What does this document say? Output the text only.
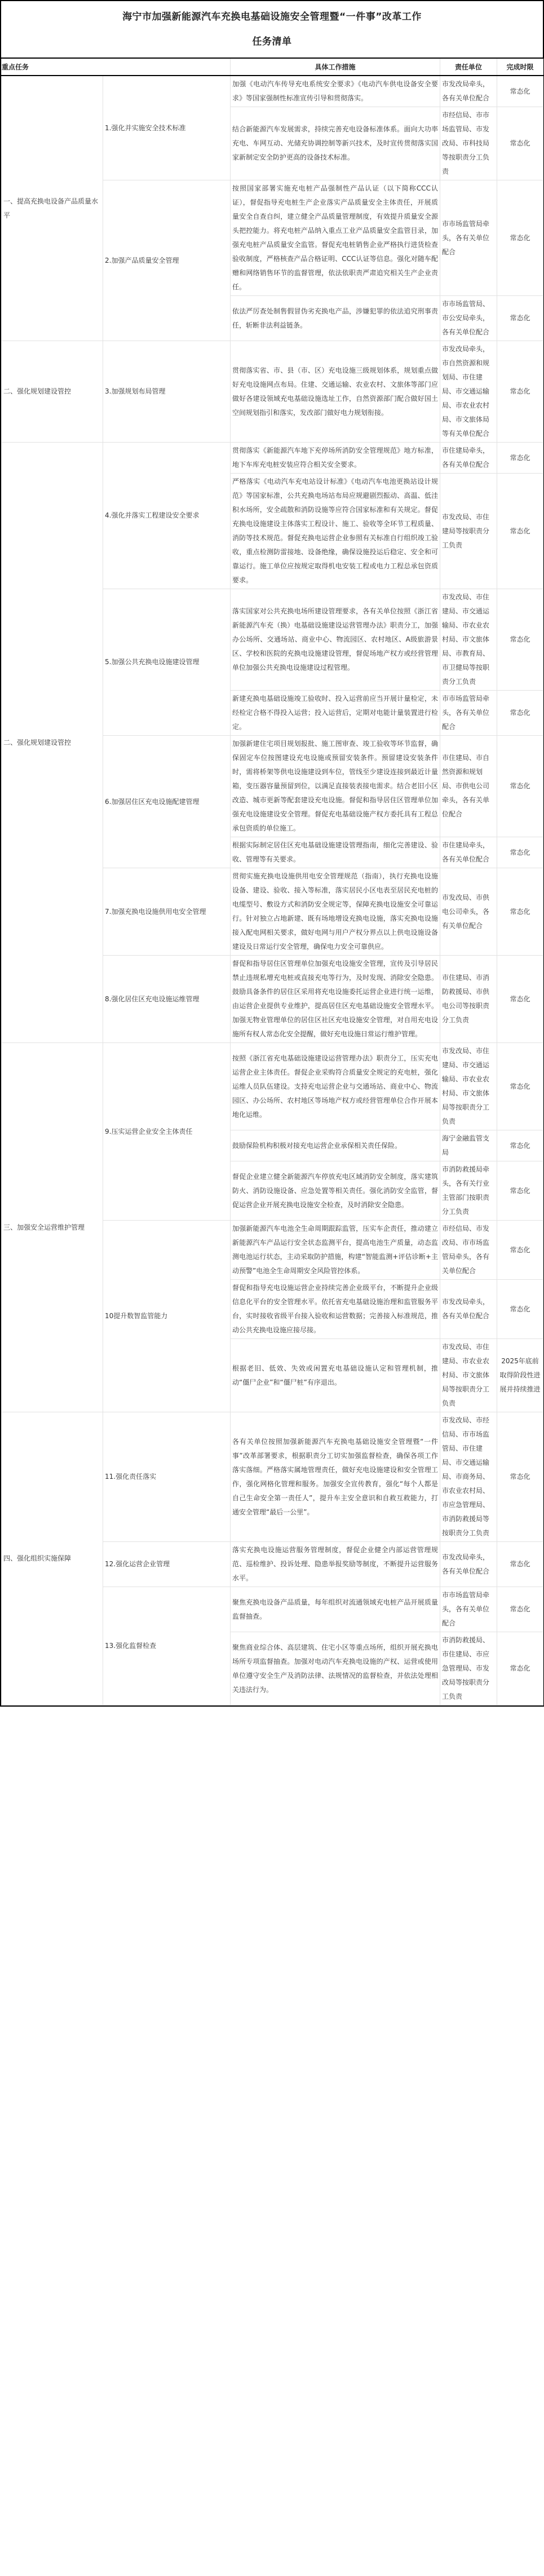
海宁市加强新能源汽车充换电基础设施安全管理暨“一件事”改革工作
任务清单
重点任务		具体工作措施	责任单位	完成时限
一、提高充换电设备产品质量水平	1.强化并实施安全技术标准	加强《电动汽车传导充电系统安全要求》《电动汽车供电设备安全要求》等国家强制性标准宣传引导和贯彻落实。	市发改局牵头，各有关单位配合	常态化
		结合新能源汽车发展需求，持续完善充电设备标准体系。面向大功率充电、车网互动、光储充协调控制等新兴技术，及时宣传贯彻落实国家新制定安全防护更高的设备技术标准。	市经信局、市市场监管局、市发改局、市科技局等按职责分工负责	常态化
	2.加强产品质量安全管理	按照国家部署实施充电桩产品强制性产品认证（以下简称CCC认证），督促指导充电桩生产企业落实产品质量安全主体责任，开展质量安全自查自纠，建立健全产品质量管理制度，有效提升质量安全源头把控能力。将充电桩产品纳入重点工业产品质量安全监管目录，加强充电桩产品质量安全监管。督促充电桩销售企业严格执行进货检查验收制度，严格核查产品合格证明、CCC认证等信息。强化对随车配赠和网络销售环节的监督管理，依法依职责严肃追究相关生产企业责任。	市市场监管局牵头，各有关单位配合	常态化
		依法严厉查处制售假冒伪劣充换电产品，涉嫌犯罪的依法追究刑事责任，斩断非法利益链条。	市市场监管局、市公安局牵头，各有关单位配合	常态化
二、强化规划建设管控	3.加强规划布局管理	贯彻落实省、市、县（市、区）充电设施三级规划体系，规划重点做好充电设施网点布局。住建、交通运输、农业农村、文旅体等部门应做好各建设领域充电基础设施选址工作，自然资源部门配合做好国土空间规划指引和落实，发改部门做好电力规划衔接。	市发改局牵头，市自然资源和规划局、市住建局、市交通运输局、市农业农村局、市文旅体局等有关单位配合	常态化
二、强化规划建设管控	4.强化并落实工程建设安全要求	贯彻落实《新能源汽车地下充停场所消防安全管理规范》地方标准，地下车库充电桩安装应符合相关安全要求。	市住建局牵头，各有关单位配合	常态化
		严格落实《电动汽车充电站设计标准》《电动汽车电池更换站设计规范》等国家标准，公共充换电场站布局应规避剧烈振动、高温、低洼积水场所，安全疏散和消防设施等应符合国家标准和有关规定。督促充换电设施建设主体落实工程设计、施工、验收等全环节工程质量、消防等技术规范。督促充换电运营企业参照有关标准自行组织竣工验收，重点检测防雷接地、设备绝缘，确保设施投运后稳定、安全和可靠运行。施工单位应按规定取得机电安装工程或电力工程总承包资质要求。	市发改局、市住建局等按职责分工负责	常态化
	5.加强公共充换电设施建设管理	落实国家对公共充换电场所建设管理要求，各有关单位按照《浙江省新能源汽车充（换）电基础设施建设运营管理办法》职责分工，加强办公场所、交通场站、商业中心、物流园区、农村地区、A级旅游景区、学校和医院的充换电设施建设管理，督促场地产权方或经营管理单位加强公共充换电设施建设过程管理。	市发改局、市住建局、市交通运输局、市农业农村局、市文旅体局、市教育局、市卫健局等按职责分工负责	常态化
		新建充换电基础设施竣工验收时、投入运营前应当开展计量检定，未经检定合格不得投入运营；投入运营后，定期对电能计量装置进行检定。	市市场监管局牵头，各有关单位配合	常态化
	6.加强居住区充电设施配建管理	加强新建住宅项目规划报批、施工图审查、竣工验收等环节监督，确保固定车位按图建设充电设施或预留安装条件。预留建设安装条件时，需将桥架等供电设施建设到车位，管线至少建设连接到最近计量箱，变压器容量预留到位，以满足直接装表接电需求。结合老旧小区改造、城市更新等配套建设充电设施。督促和指导居住区管理单位加强充电设施建设安全管理。督促充电基础设施产权方委托具有工程总承包资质的单位施工。	市住建局、市自然资源和规划局、市供电公司牵头，各有关单位配合	常态化
		根据实际制定居住区充电基础设施建设管理指南，细化完善建设、验收、管理等有关要求。	市住建局牵头，各有关单位配合	常态化
	7.加强充换电设施供用电安全管理	贯彻实施充换电设施供用电安全管理规范（指南），执行充换电设施设备、建设、验收、接入等标准，落实居民小区电表至居民充电桩的电缆型号、敷设方式和消防安全规定等，保障充换电设施安全可靠运行。针对独立占地新建、既有场地增设充换电设施，落实充换电设施接入配电网相关要求，做好电网与用户产权分界点以上供电设施设备建设及日常运行安全管理，确保电力安全可靠供应。	市发改局、市供电公司牵头，各有关单位配合	常态化
	8.强化居住区充电设施运维管理	督促和指导居住区管理单位加强充电设施安全管理，宣传及引导居民禁止违规私增充电桩或直接充电等行为，及时发现、消除安全隐患。鼓励具备条件的居住区采用将充电设施委托运营企业进行统一运维，由运营企业提供专业维护，提高居住区充电基础设施安全管理水平。加强无物业管理单位的居住区社区充电设施安全管理，对自用充电设施所有权人常态化安全提醒，做好充电设施日常运行维护管理。	市住建局、市消防救援局、市供电公司等按职责分工负责	常态化
三、加强安全运营维护管理	9.压实运营企业安全主体责任	按照《浙江省充电基础设施建设运营管理办法》职责分工，压实充电运营企业主体责任。督促企业采购符合质量安全规定的充电桩，强化运维人员队伍建设。支持充电运营企业与交通场站、商业中心、物流园区、办公场所、农村地区等场地产权方或经营管理单位合作开展本地化运维。	市发改局、市住建局、市交通运输局、市农业农村局、市文旅体局等按职责分工负责	常态化
		鼓励保险机构积极对接充电运营企业承保相关责任保险。	海宁金融监管支局	常态化
		督促企业建立健全新能源汽车停放充电区域消防安全制度，落实建筑防火、消防设施设备、应急处置等相关责任。强化消防安全监管，督促运营企业开展充换电设施安全检查，及时消除安全隐患。	市消防救援局牵头，各有关行业主管部门按职责分工负责	常态化
	10提升数智监管能力	加强新能源汽车电池全生命周期跟踪监管，压实车企责任，推动建立新能源汽车产品运行安全状态监测平台，提高电池生产质量，动态监测电池运行状态，主动采取防护措施，构建“智能监测+评估诊断+主动预警”电池全生命周期安全风险管控体系。	市经信局、市发改局、市市场监管局牵头，各有关单位配合	常态化
		督促和指导充电设施运营企业持续完善企业级平台，不断提升企业级信息化平台的安全管理水平。依托省充电基础设施治理和监管服务平台，实时接收省级平台接入验收和运营数据；完善接入标准规范，推动公共充换电设施应接尽接。	市发改局牵头，各有关单位配合	常态化
		根据老旧、低效、失效或闲置充电基础设施认定和管理机制，推动“僵尸企业”和“僵尸桩”有序退出。	市发改局、市住建局、市农业农村局、市文旅体局等按职责分工负责	2025年底前取得阶段性进展并持续推进
四、强化组织实施保障	11.强化责任落实	各有关单位按照加强新能源汽车充换电基础设施安全管理暨“一件事”改革部署要求，根据职责分工切实加强监督检查，确保各项工作落实落细。严格落实属地管理责任，做好充电设施建设和安全管理工作，强化网格化管理和服务。加强安全宣传教育，强化“每个人都是自己生命安全第一责任人”，提升车主安全意识和自救互救能力，打通安全管理“最后一公里”。	市发改局、市经信局、市市场监管局、市住建局、市交通运输局、市商务局、市农业农村局、市应急管理局、市消防救援局等按职责分工负责	常态化
	12.强化运营企业管理	落实充换电设施运营服务管理制度，督促企业健全内部运营管理规范、巡检维护、投诉处理、隐患举报奖励等制度，不断提升运营服务水平。	市发改局牵头，各有关单位配合	常态化
	13.强化监督检查	聚焦充换电设备产品质量，每年组织对流通领域充电桩产品开展质量监督抽查。	市市场监管局牵头，各有关单位配合	常态化
		聚焦商业综合体、高层建筑、住宅小区等重点场所，组织开展充换电场所专项监督抽查。加强对电动汽车充换电设施的产权、运营或使用单位遵守安全生产及消防法律、法规情况的监督检查，并依法处理相关违法行为。	市消防救援局、市住建局、市应急管理局、市发改局等按职责分工负责	常态化
